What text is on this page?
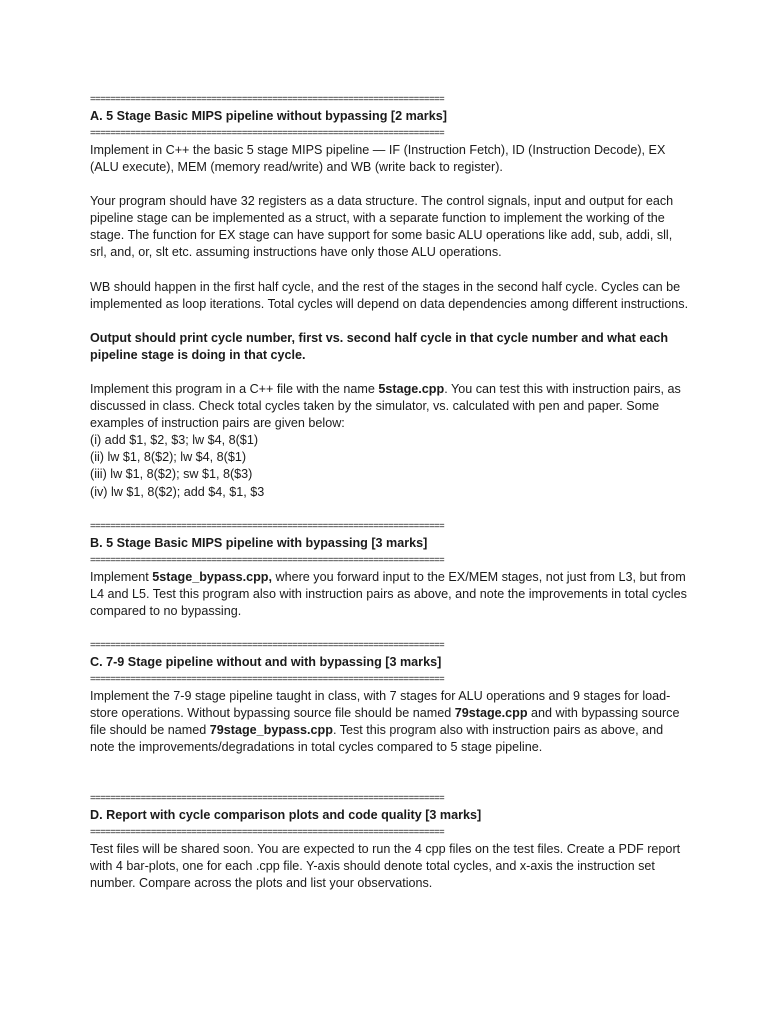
======================================================================
A. 5 Stage Basic MIPS pipeline without bypassing [2 marks]
======================================================================

Implement in C++ the basic 5 stage MIPS pipeline — IF (Instruction Fetch), ID (Instruction Decode), EX (ALU execute), MEM (memory read/write) and WB (write back to register).

Your program should have 32 registers as a data structure. The control signals, input and output for each pipeline stage can be implemented as a struct, with a separate function to implement the working of the stage. The function for EX stage can have support for some basic ALU operations like add, sub, addi, sll, srl, and, or, slt etc. assuming instructions have only those ALU operations.

WB should happen in the first half cycle, and the rest of the stages in the second half cycle. Cycles can be implemented as loop iterations. Total cycles will depend on data dependencies among different instructions.

Output should print cycle number, first vs. second half cycle in that cycle number and what each pipeline stage is doing in that cycle.

Implement this program in a C++ file with the name 5stage.cpp. You can test this with instruction pairs, as discussed in class. Check total cycles taken by the simulator, vs. calculated with pen and paper. Some examples of instruction pairs are given below:

(i) add $1, $2, $3; lw $4, 8($1)
(ii) lw $1, 8($2); lw $4, 8($1)
(iii) lw $1, 8($2); sw $1, 8($3)
(iv) lw $1, 8($2); add $4, $1, $3
======================================================================
B. 5 Stage Basic MIPS pipeline with bypassing [3 marks]
======================================================================

Implement 5stage_bypass.cpp, where you forward input to the EX/MEM stages, not just from L3, but from L4 and L5. Test this program also with instruction pairs as above, and note the improvements in total cycles compared to no bypassing.

======================================================================
C. 7-9 Stage pipeline without and with bypassing [3 marks]
======================================================================

Implement the 7-9 stage pipeline taught in class, with 7 stages for ALU operations and 9 stages for load-store operations. Without bypassing source file should be named 79stage.cpp and with bypassing source file should be named 79stage_bypass.cpp. Test this program also with instruction pairs as above, and note the improvements/degradations in total cycles compared to 5 stage pipeline.

======================================================================
D. Report with cycle comparison plots and code quality [3 marks]
======================================================================

Test files will be shared soon. You are expected to run the 4 cpp files on the test files. Create a PDF report with 4 bar-plots, one for each .cpp file. Y-axis should denote total cycles, and x-axis the instruction set number. Compare across the plots and list your observations.
